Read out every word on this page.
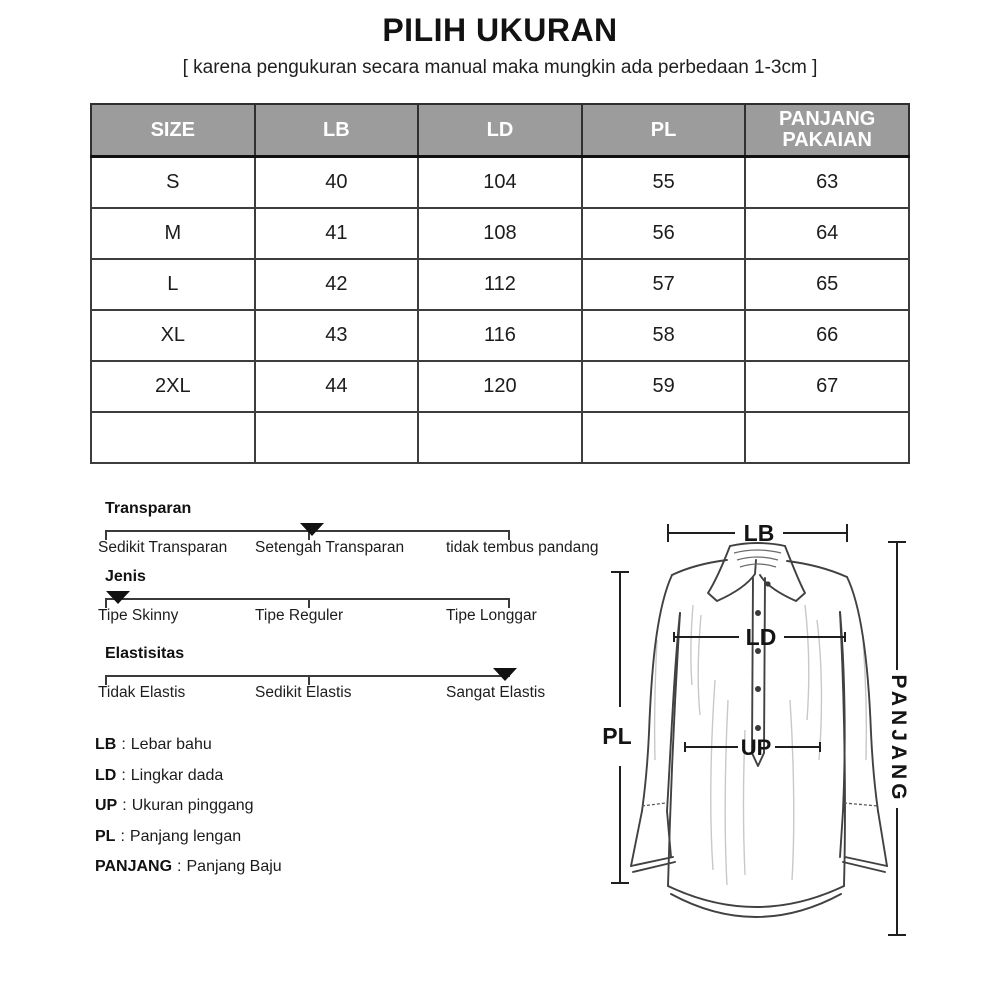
PILIH UKURAN
[ karena pengukuran secara manual maka mungkin ada perbedaan 1-3cm ]
SIZE	LB	LD	PL	PANJANG PAKAIAN
S	40	104	55	63
M	41	108	56	64
L	42	112	57	65
XL	43	116	58	66
2XL	44	120	59	67

Transparan
Sedikit Transparan Setengah Transparan	tidak tembus pandang
Jenis
Tipe Skinny	Tipe Reguler	Tipe Longgar
Elastisitas
Tidak Elastis	Sedikit Elastis	Sangat Elastis
LB : Lebar bahu
LD : Lingkar dada
UP : Ukuran pinggang
PL : Panjang lengan
PANJANG : Panjang Baju
LB
LD
UP
PL	PANJANG
